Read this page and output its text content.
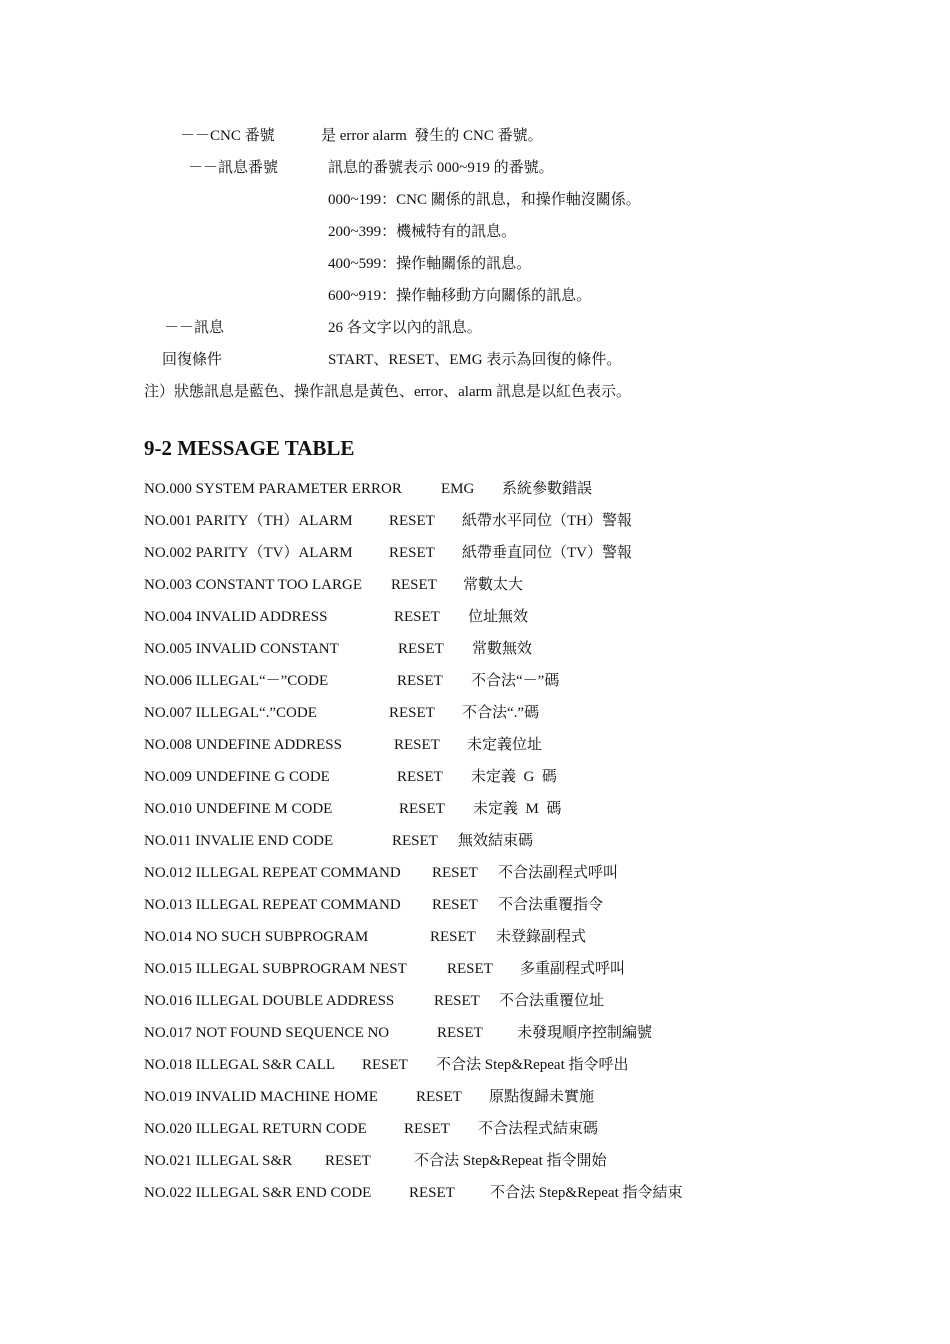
－－CNC 番號	是 error alarm  發生的 CNC 番號。
－－訊息番號	訊息的番號表示 000~919 的番號。
000~199：CNC 關係的訊息，和操作軸沒關係。
200~399：機械特有的訊息。
400~599：操作軸關係的訊息。
600~919：操作軸移動方向關係的訊息。
－－訊息	26 各文字以內的訊息。
回復條件	START、RESET、EMG 表示為回復的條件。
注）狀態訊息是藍色、操作訊息是黃色、error、alarm 訊息是以紅色表示。
9-2 MESSAGE TABLE
NO.000 SYSTEM PARAMETER ERROR	EMG 系統參數錯誤
NO.001 PARITY（TH）ALARM RESET 紙帶水平同位（TH）警報
NO.002 PARITY（TV）ALARM RESET 紙帶垂直同位（TV）警報
NO.003 CONSTANT TOO LARGE RESET 常數太大
NO.004 INVALID ADDRESS	RESET 位址無效
NO.005 INVALID CONSTANT	RESET 常數無效
NO.006 ILLEGAL“－”CODE	RESET 不合法“－”碼
NO.007 ILLEGAL“.”CODE	RESET 不合法“.”碼
NO.008 UNDEFINE ADDRESS	RESET 未定義位址
NO.009 UNDEFINE G CODE	RESET 未定義  G  碼
NO.010 UNDEFINE M CODE	RESET 未定義  M  碼
NO.011 INVALIE END CODE	RESET 無效結束碼
NO.012 ILLEGAL REPEAT COMMAND RESET 不合法副程式呼叫
NO.013 ILLEGAL REPEAT COMMAND RESET 不合法重覆指令
NO.014 NO SUCH SUBPROGRAM	RESET 未登錄副程式
NO.015 ILLEGAL SUBPROGRAM NEST	RESET 多重副程式呼叫
NO.016 ILLEGAL DOUBLE ADDRESS	RESET 不合法重覆位址
NO.017 NOT FOUND SEQUENCE NO	RESET 未發現順序控制編號
NO.018 ILLEGAL S&R CALL RESET 不合法 Step&Repeat 指令呼出
NO.019 INVALID MACHINE HOME	RESET 原點復歸未實施
NO.020 ILLEGAL RETURN CODE RESET 不合法程式結束碼
NO.021 ILLEGAL S&R RESET	不合法 Step&Repeat 指令開始
NO.022 ILLEGAL S&R END CODE	RESET 不合法 Step&Repeat 指令結束
